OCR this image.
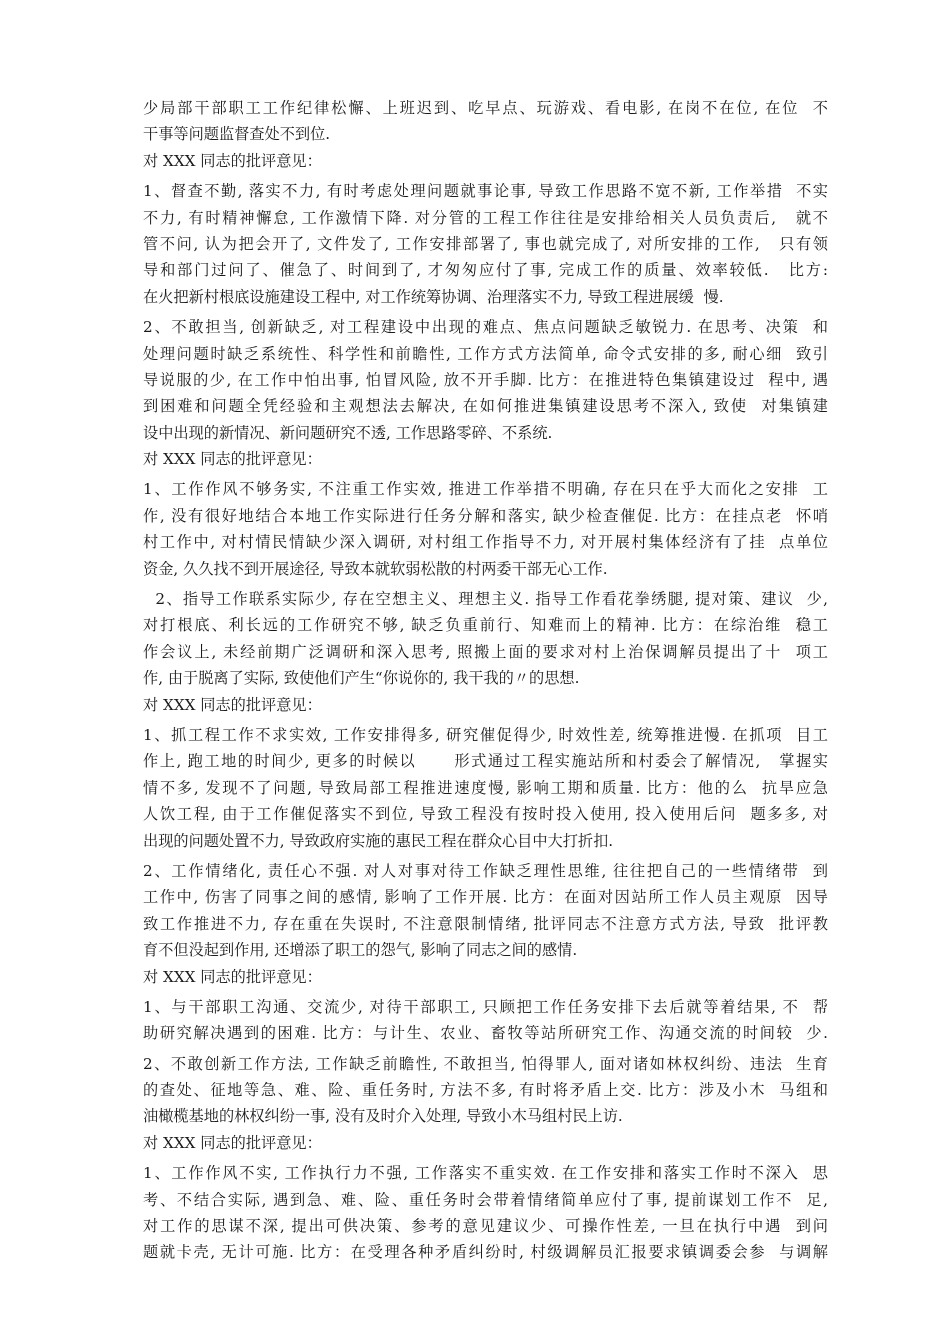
少局部干部职工工作纪律松懈、上班迟到、吃早点、玩游戏、看电影, 在岗不在位, 在位  不
干事等问题监督查处不到位.
对 XXX 同志的批评意见：
1、督查不勤, 落实不力, 有时考虑处理问题就事论事, 导致工作思路不宽不新, 工作举措  不实
不力, 有时精神懈怠, 工作激情下降. 对分管的工程工作往往是安排给相关人员负责后,   就不
管不问, 认为把会开了, 文件发了, 工作安排部署了, 事也就完成了, 对所安排的工作,   只有领
导和部门过问了、催急了、时间到了, 才匆匆应付了事, 完成工作的质量、效率较低.   比方:
在火把新村根底设施建设工程中, 对工作统筹协调、治理落实不力, 导致工程进展缓  慢.
2、不敢担当, 创新缺乏, 对工程建设中出现的难点、焦点问题缺乏敏锐力. 在思考、决策  和
处理问题时缺乏系统性、科学性和前瞻性, 工作方式方法简单, 命令式安排的多, 耐心细  致引
导说服的少, 在工作中怕出事, 怕冒风险, 放不开手脚. 比方：在推进特色集镇建设过  程中, 遇
到困难和问题全凭经验和主观想法去解决, 在如何推进集镇建设思考不深入, 致使  对集镇建
设中出现的新情况、新问题研究不透, 工作思路零碎、不系统.
对 XXX 同志的批评意见：
1、工作作风不够务实, 不注重工作实效, 推进工作举措不明确, 存在只在乎大而化之安排  工
作, 没有很好地结合本地工作实际进行任务分解和落实, 缺少检查催促. 比方：在挂点老  怀哨
村工作中, 对村情民情缺少深入调研, 对村组工作指导不力, 对开展村集体经济有了挂  点单位
资金, 久久找不到开展途径, 导致本就软弱松散的村两委干部无心工作.
2、指导工作联系实际少, 存在空想主义、理想主义. 指导工作看花拳绣腿, 提对策、建议  少,
对打根底、利长远的工作研究不够, 缺乏负重前行、知难而上的精神. 比方：在综治维  稳工
作会议上, 未经前期广泛调研和深入思考, 照搬上面的要求对村上治保调解员提出了十  项工
作, 由于脱离了实际, 致使他们产生“你说你的, 我干我的〃的思想.
对 XXX 同志的批评意见：
1、抓工程工作不求实效, 工作安排得多, 研究催促得少, 时效性差, 统筹推进慢. 在抓项  目工
作上, 跑工地的时间少, 更多的时候以      形式通过工程实施站所和村委会了解情况,   掌握实
情不多, 发现不了问题, 导致局部工程推进速度慢, 影响工期和质量. 比方：他的么  抗旱应急
人饮工程, 由于工作催促落实不到位, 导致工程没有按时投入使用, 投入使用后问  题多多, 对
出现的问题处置不力, 导致政府实施的惠民工程在群众心目中大打折扣.
2、工作情绪化, 责任心不强. 对人对事对待工作缺乏理性思维, 往往把自己的一些情绪带  到
工作中, 伤害了同事之间的感情, 影响了工作开展. 比方：在面对因站所工作人员主观原  因导
致工作推进不力, 存在重在失误时, 不注意限制情绪, 批评同志不注意方式方法, 导致  批评教
育不但没起到作用, 还增添了职工的怨气, 影响了同志之间的感情.
对 XXX 同志的批评意见：
1、与干部职工沟通、交流少, 对待干部职工, 只顾把工作任务安排下去后就等着结果, 不  帮
助研究解决遇到的困难. 比方：与计生、农业、畜牧等站所研究工作、沟通交流的时间较  少.
2、不敢创新工作方法, 工作缺乏前瞻性, 不敢担当, 怕得罪人, 面对诸如林权纠纷、违法  生育
的查处、征地等急、难、险、重任务时, 方法不多, 有时将矛盾上交. 比方：涉及小木  马组和
油橄榄基地的林权纠纷一事, 没有及时介入处理, 导致小木马组村民上访.
对 XXX 同志的批评意见：
1、工作作风不实, 工作执行力不强, 工作落实不重实效. 在工作安排和落实工作时不深入  思
考、不结合实际, 遇到急、难、险、重任务时会带着情绪简单应付了事, 提前谋划工作不  足,
对工作的思谋不深, 提出可供决策、参考的意见建议少、可操作性差, 一旦在执行中遇  到问
题就卡壳, 无计可施. 比方：在受理各种矛盾纠纷时, 村级调解员汇报要求镇调委会参  与调解
